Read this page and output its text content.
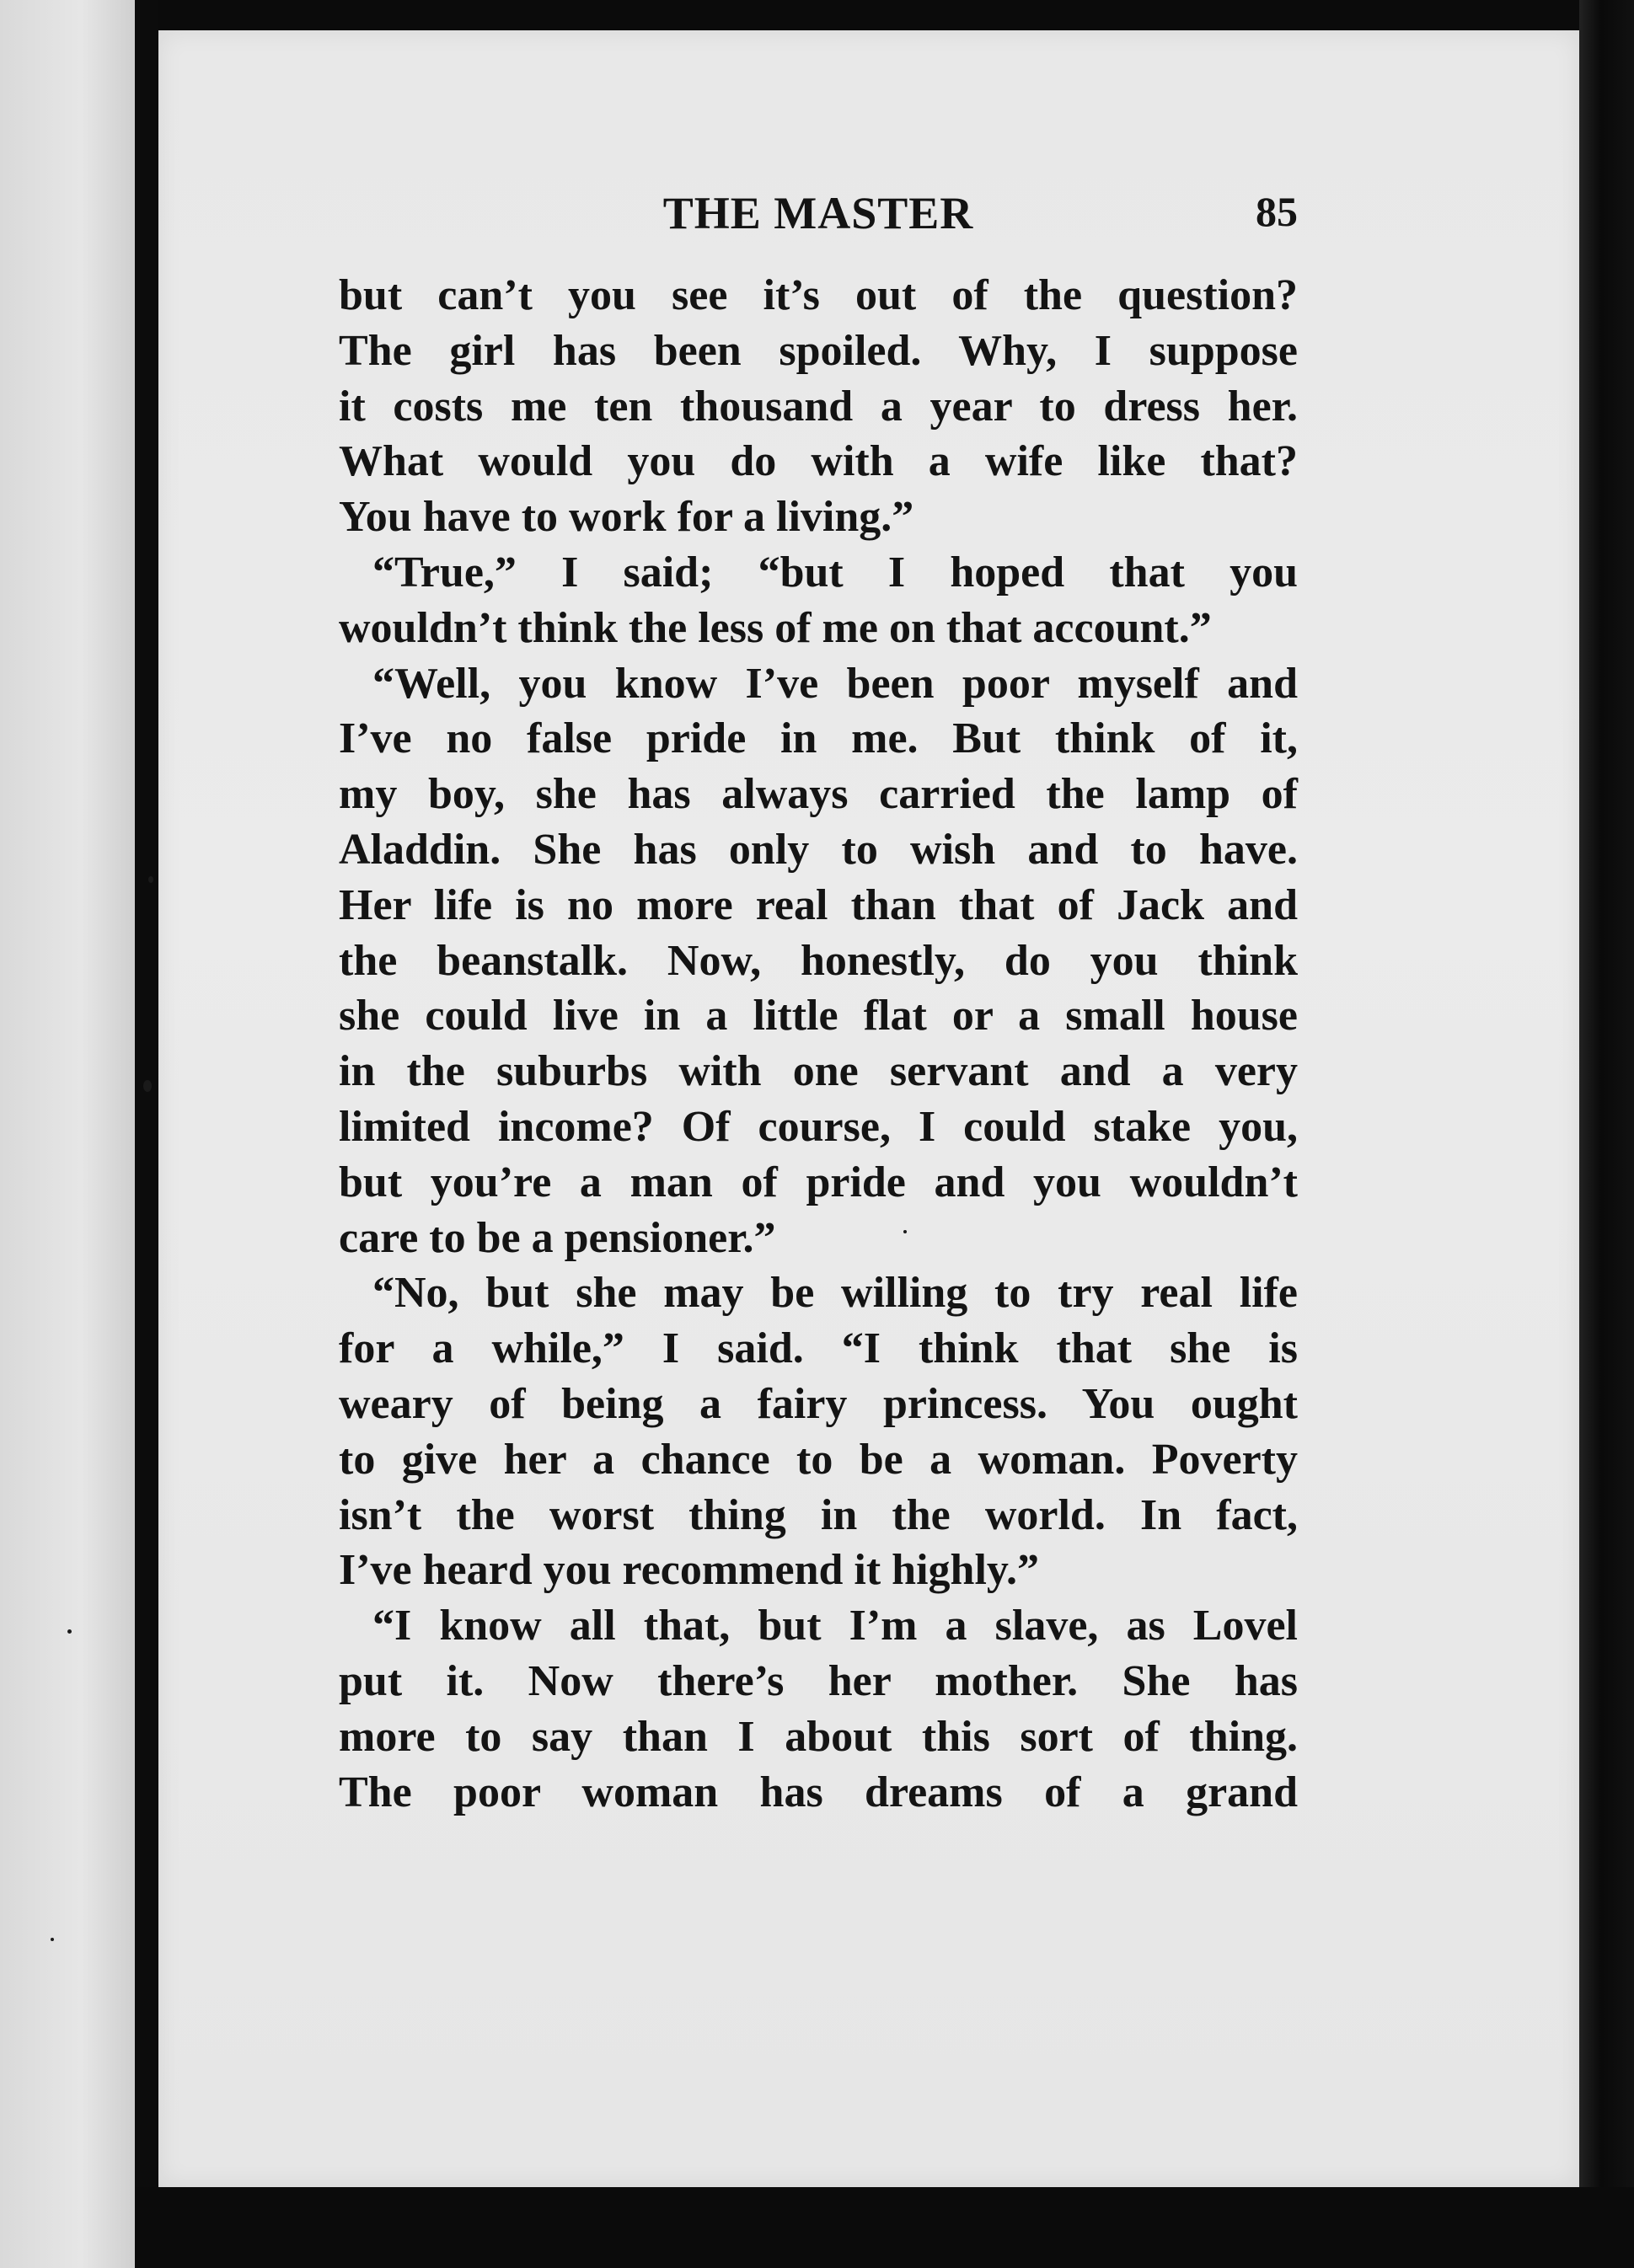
THE MASTER	85
but can’t you see it’s out of the question?
The girl has been spoiled. Why, I suppose
it costs me ten thousand a year to dress her.
What would you do with a wife like that?
You have to work for a living.”
“True,” I said; “but I hoped that you
wouldn’t think the less of me on that account.”
“Well, you know I’ve been poor myself and
I’ve no false pride in me. But think of it,
my boy, she has always carried the lamp of
Aladdin. She has only to wish and to have.
Her life is no more real than that of Jack and
the beanstalk. Now, honestly, do you think
she could live in a little flat or a small house
in the suburbs with one servant and a very
limited income? Of course, I could stake you,
but you’re a man of pride and you wouldn’t
care to be a pensioner.”
“No, but she may be willing to try real life
for a while,” I said. “I think that she is
weary of being a fairy princess. You ought
to give her a chance to be a woman. Poverty
isn’t the worst thing in the world. In fact,
I’ve heard you recommend it highly.”
“I know all that, but I’m a slave, as Lovel
put it. Now there’s her mother. She has
more to say than I about this sort of thing.
The poor woman has dreams of a grand
